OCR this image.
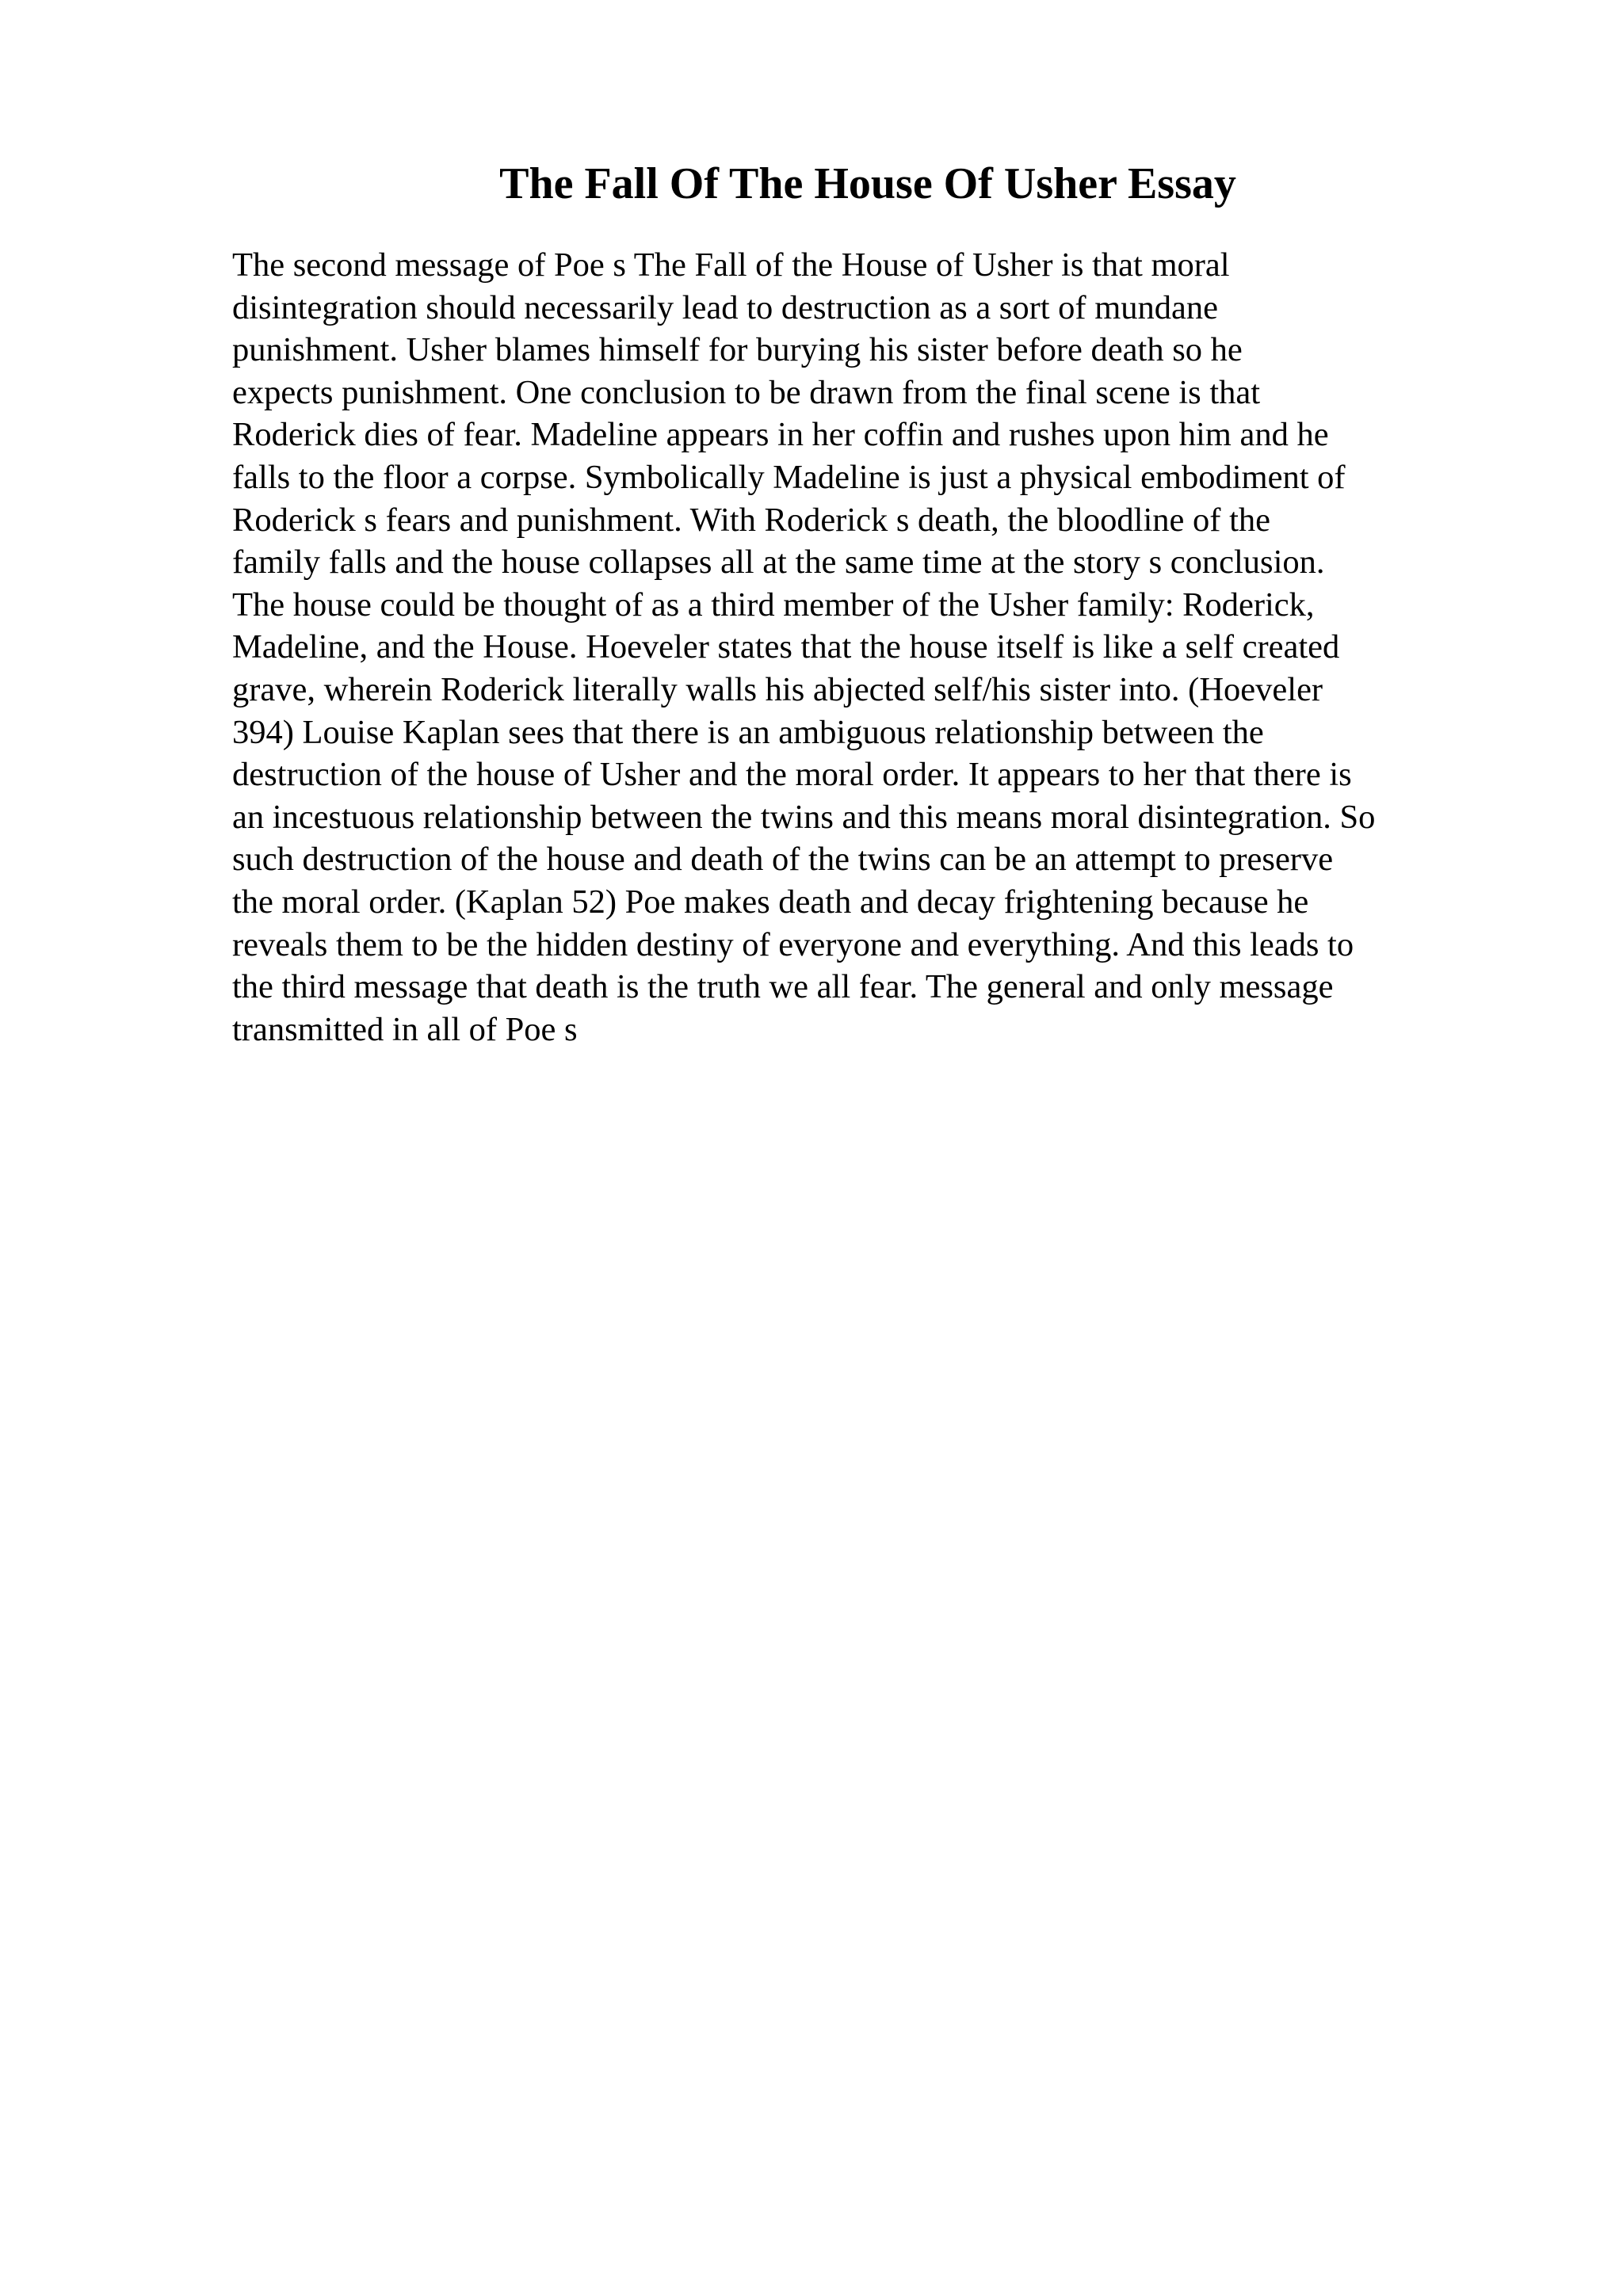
The Fall Of The House Of Usher Essay

The second message of Poe s The Fall of the House of Usher is that moral
disintegration should necessarily lead to destruction as a sort of mundane
punishment. Usher blames himself for burying his sister before death so he
expects punishment. One conclusion to be drawn from the final scene is that
Roderick dies of fear. Madeline appears in her coffin and rushes upon him and he
falls to the floor a corpse. Symbolically Madeline is just a physical embodiment of
Roderick s fears and punishment. With Roderick s death, the bloodline of the
family falls and the house collapses all at the same time at the story s conclusion.
The house could be thought of as a third member of the Usher family: Roderick,
Madeline, and the House. Hoeveler states that the house itself is like a self created
grave, wherein Roderick literally walls his abjected self/his sister into. (Hoeveler
394) Louise Kaplan sees that there is an ambiguous relationship between the
destruction of the house of Usher and the moral order. It appears to her that there is
an incestuous relationship between the twins and this means moral disintegration. So
such destruction of the house and death of the twins can be an attempt to preserve
the moral order. (Kaplan 52) Poe makes death and decay frightening because he
reveals them to be the hidden destiny of everyone and everything. And this leads to
the third message that death is the truth we all fear. The general and only message
transmitted in all of Poe s
